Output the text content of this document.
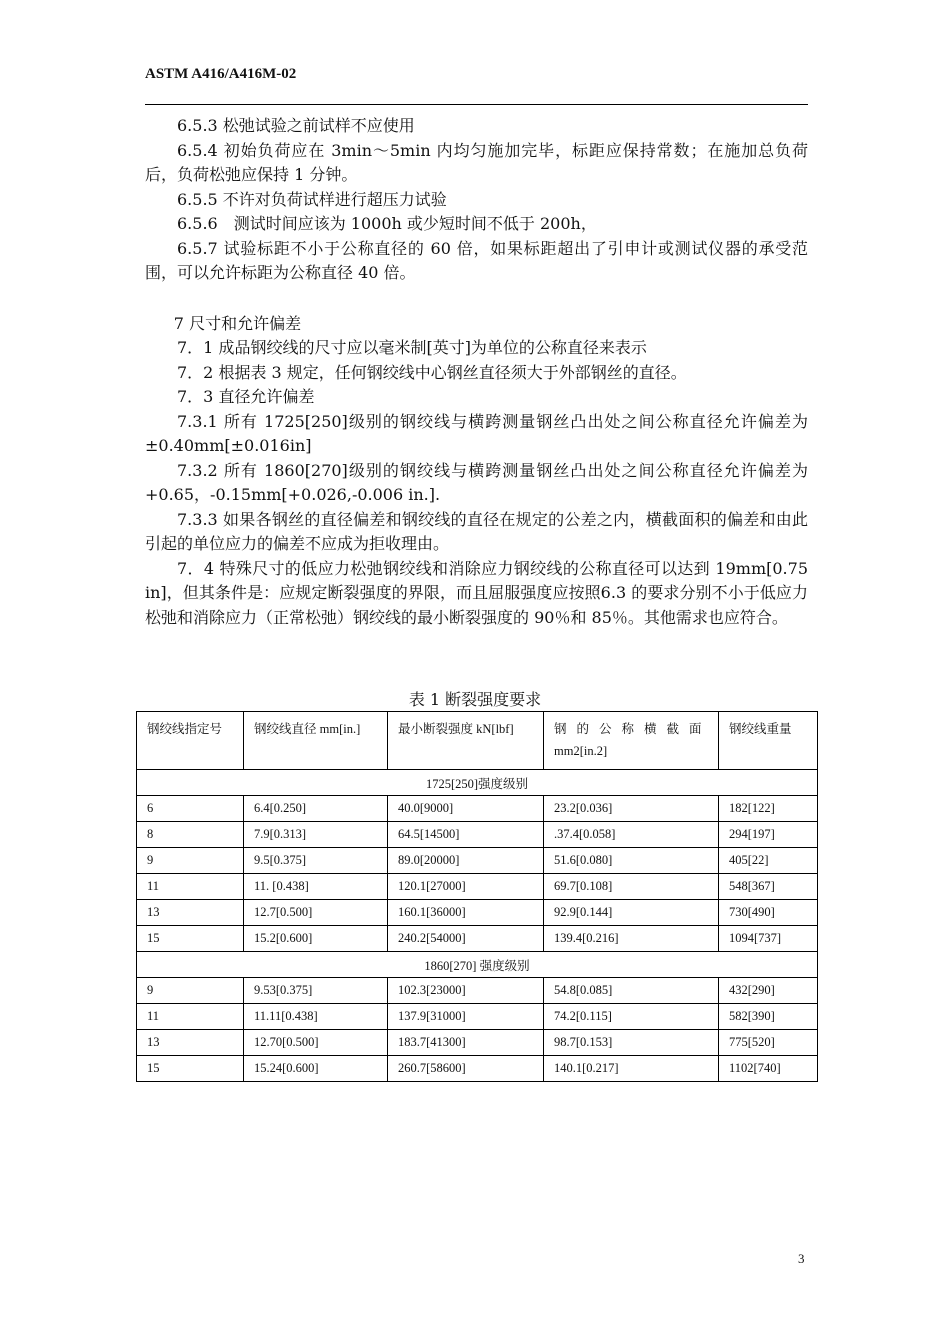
ASTM A416/A416M-02

6.5.3 松弛试验之前试样不应使用

6.5.4 初始负荷应在 3min～5min 内均匀施加完毕，标距应保持常数；在施加总负荷后，负荷松弛应保持 1 分钟。

6.5.5 不许对负荷试样进行超压力试验

6.5.6　测试时间应该为 1000h 或少短时间不低于 200h，

6.5.7 试验标距不小于公称直径的 60 倍，如果标距超出了引申计或测试仪器的承受范围，可以允许标距为公称直径 40 倍。

7 尺寸和允许偏差

7．1 成品钢绞线的尺寸应以毫米制[英寸]为单位的公称直径来表示

7．2 根据表 3 规定，任何钢绞线中心钢丝直径须大于外部钢丝的直径。

7．3 直径允许偏差

7.3.1 所有 1725[250]级别的钢绞线与横跨测量钢丝凸出处之间公称直径允许偏差为±0.40mm[±0.016in]

7.3.2 所有 1860[270]级别的钢绞线与横跨测量钢丝凸出处之间公称直径允许偏差为+0.65，-0.15mm[+0.026,-0.006 in.].

7.3.3 如果各钢丝的直径偏差和钢绞线的直径在规定的公差之内，横截面积的偏差和由此引起的单位应力的偏差不应成为拒收理由。

7．4 特殊尺寸的低应力松弛钢绞线和消除应力钢绞线的公称直径可以达到 19mm[0.75 in]，但其条件是：应规定断裂强度的界限，而且屈服强度应按照6.3 的要求分别不小于低应力松弛和消除应力（正常松弛）钢绞线的最小断裂强度的 90％和 85％。其他需求也应符合。

表 1 断裂强度要求
钢绞线指定号	钢绞线直径 mm[in.]	最小断裂强度 kN[lbf]	钢的公称横截面
mm2[in.2]	钢绞线重量
1725[250]强度级别				
6	6.4[0.250]	40.0[9000]	23.2[0.036]	182[122]
8	7.9[0.313]	64.5[14500]	.37.4[0.058]	294[197]
9	9.5[0.375]	89.0[20000]	51.6[0.080]	405[22]
11	11. [0.438]	120.1[27000]	69.7[0.108]	548[367]
13	12.7[0.500]	160.1[36000]	92.9[0.144]	730[490]
15	15.2[0.600]	240.2[54000]	139.4[0.216]	1094[737]
1860[270] 强度级别				
9	9.53[0.375]	102.3[23000]	54.8[0.085]	432[290]
11	11.11[0.438]	137.9[31000]	74.2[0.115]	582[390]
13	12.70[0.500]	183.7[41300]	98.7[0.153]	775[520]
15	15.24[0.600]	260.7[58600]	140.1[0.217]	1102[740]
3
